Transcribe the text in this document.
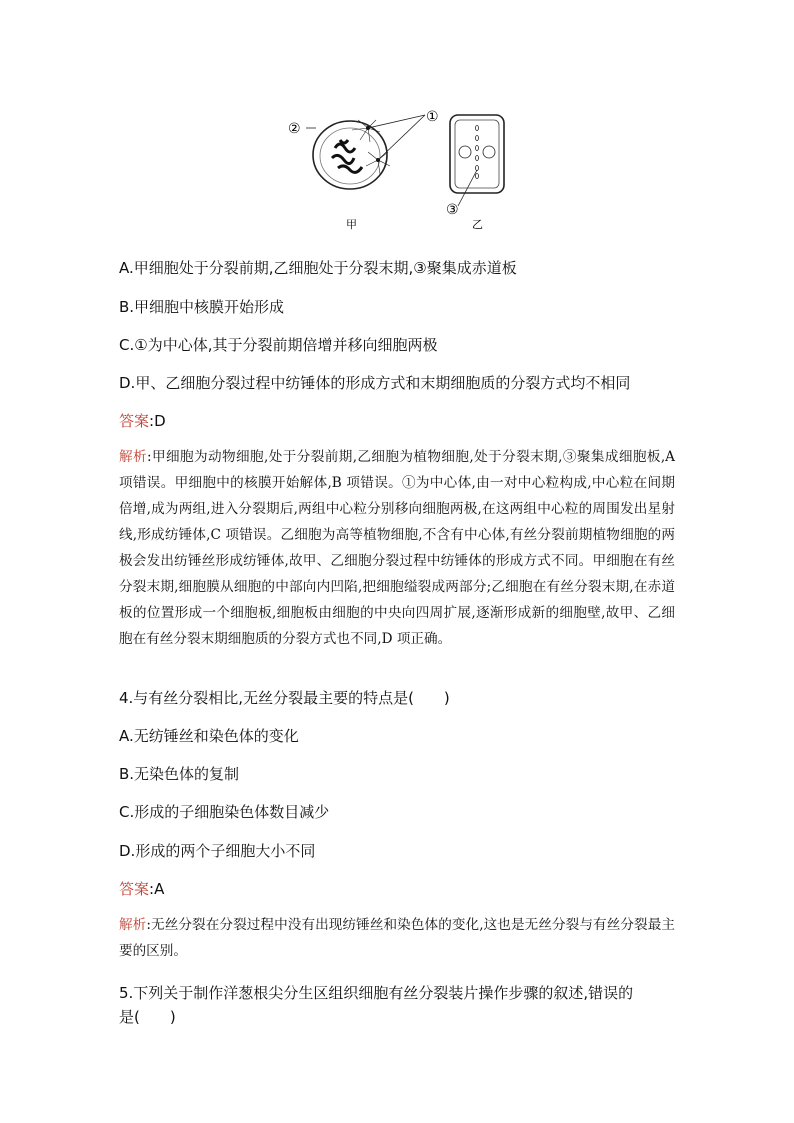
①
②
③
甲	乙
A.甲细胞处于分裂前期,乙细胞处于分裂末期,③聚集成赤道板
B.甲细胞中核膜开始形成
C.①为中心体,其于分裂前期倍增并移向细胞两极
D.甲、乙细胞分裂过程中纺锤体的形成方式和末期细胞质的分裂方式均不相同
答案:D
解析:甲细胞为动物细胞,处于分裂前期,乙细胞为植物细胞,处于分裂末期,③聚集成细胞板,A 项错误。甲细胞中的核膜开始解体,B 项错误。①为中心体,由一对中心粒构成,中心粒在间期倍增,成为两组,进入分裂期后,两组中心粒分别移向细胞两极,在这两组中心粒的周围发出星射线,形成纺锤体,C 项错误。乙细胞为高等植物细胞,不含有中心体,有丝分裂前期植物细胞的两极会发出纺锤丝形成纺锤体,故甲、乙细胞分裂过程中纺锤体的形成方式不同。甲细胞在有丝分裂末期,细胞膜从细胞的中部向内凹陷,把细胞缢裂成两部分;乙细胞在有丝分裂末期,在赤道板的位置形成一个细胞板,细胞板由细胞的中央向四周扩展,逐渐形成新的细胞壁,故甲、乙细胞在有丝分裂末期细胞质的分裂方式也不同,D 项正确。
4.与有丝分裂相比,无丝分裂最主要的特点是(　　)
A.无纺锤丝和染色体的变化
B.无染色体的复制
C.形成的子细胞染色体数目减少
D.形成的两个子细胞大小不同
答案:A
解析:无丝分裂在分裂过程中没有出现纺锤丝和染色体的变化,这也是无丝分裂与有丝分裂最主要的区别。
5.下列关于制作洋葱根尖分生区组织细胞有丝分裂装片操作步骤的叙述,错误的
是(　　)
